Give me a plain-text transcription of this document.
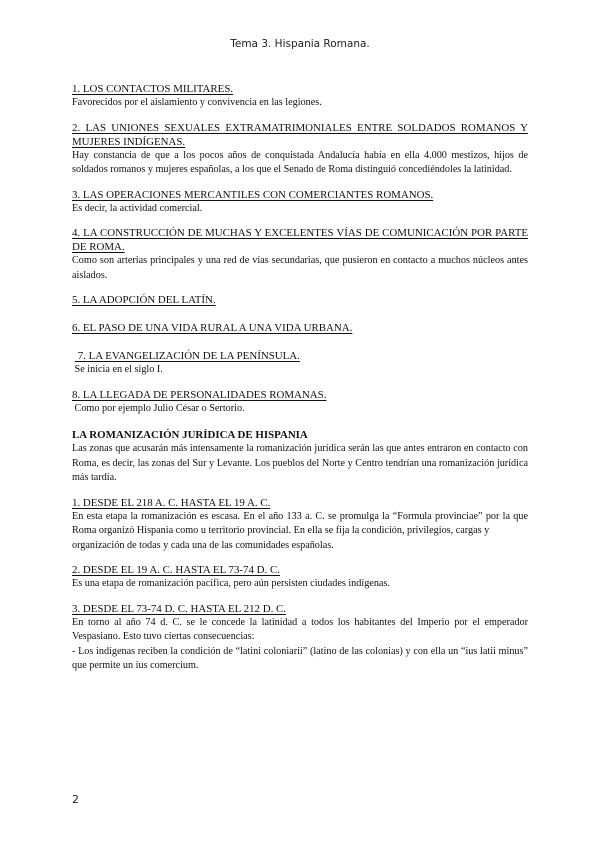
Tema 3. Hispania Romana.

1. LOS CONTACTOS MILITARES.

Favorecidos por el aislamiento y convivencia en las legiones.

2. LAS UNIONES SEXUALES EXTRAMATRIMONIALES ENTRE SOLDADOS ROMANOS Y MUJERES INDÍGENAS.

Hay constancia de que a los pocos años de conquistada Andalucía había en ella 4.000 mestizos, hijos de soldados romanos y mujeres españolas, a los que el Senado de Roma distinguió concediéndoles la latinidad.

3. LAS OPERACIONES MERCANTILES CON COMERCIANTES ROMANOS.

Es decir, la actividad comercial.

4. LA CONSTRUCCIÓN DE MUCHAS Y EXCELENTES VÍAS DE COMUNICACIÓN POR PARTE DE ROMA.

Como son arterias principales y una red de vías secundarias, que pusieron en contacto a muchos núcleos antes aislados.

5. LA ADOPCIÓN DEL LATÍN.

6. EL PASO DE UNA VIDA RURAL A UNA VIDA URBANA.

7. LA EVANGELIZACIÓN DE LA PENÍNSULA.

Se inicia en el siglo I.

8. LA LLEGADA DE PERSONALIDADES ROMANAS.

Como por ejemplo Julio César o Sertorio.

LA ROMANIZACIÓN JURÍDICA DE HISPANIA

Las zonas que acusarán más intensamente la romanización jurídica serán las que antes entraron en contacto con Roma, es decir, las zonas del Sur y Levante. Los pueblos del Norte y Centro tendrían una romanización jurídica más tardía.

1. DESDE EL 218 A. C. HASTA EL 19 A. C.

En esta etapa la romanización es escasa. En el año 133 a. C. se promulga la “Formula provinciae” por la que Roma organizó Hispania como u territorio provincial. En ella se fija la condición, privilegios, cargas y

organización de todas y cada una de las comunidades españolas.

2. DESDE EL 19 A. C. HASTA EL 73-74 D. C.

Es una etapa de romanización pacífica, pero aún persisten ciudades indígenas.

3. DESDE EL 73-74 D. C. HASTA EL 212 D. C.

En torno al año 74 d. C. se le concede la latinidad a todos los habitantes del Imperio por el emperador Vespasiano. Esto tuvo ciertas consecuencias:

- Los indígenas reciben la condición de “latini coloniarii” (latino de las colonias) y con ella un “ius latii minus” que permite un ius comercium.

2
